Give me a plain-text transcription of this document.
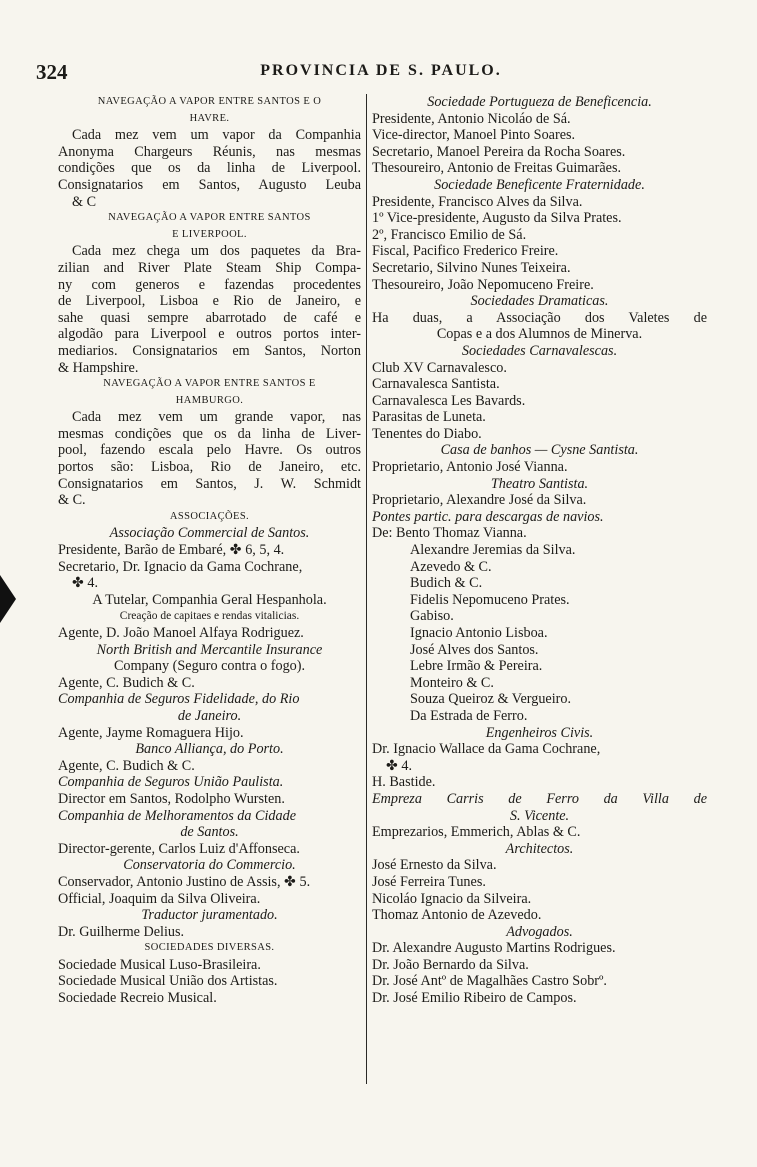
324	PROVINCIA DE S. PAULO.
NAVEGAÇÃO A VAPOR ENTRE SANTOS E O
HAVRE.
Cada mez vem um vapor da Companhia
Anonyma Chargeurs Réunis, nas mesmas
condições que os da linha de Liverpool.
Consignatarios em Santos, Augusto Leuba
& C
NAVEGAÇÃO A VAPOR ENTRE SANTOS
E LIVERPOOL.
Cada mez chega um dos paquetes da Bra-
zilian and River Plate Steam Ship Compa-
ny com generos e fazendas procedentes
de Liverpool, Lisboa e Rio de Janeiro, e
sahe quasi sempre abarrotado de café e
algodão para Liverpool e outros portos inter-
mediarios. Consignatarios em Santos, Norton
& Hampshire.
NAVEGAÇÃO A VAPOR ENTRE SANTOS E
HAMBURGO.
Cada mez vem um grande vapor, nas
mesmas condições que os da linha de Liver-
pool, fazendo escala pelo Havre. Os outros
portos são: Lisboa, Rio de Janeiro, etc.
Consignatarios em Santos, J. W. Schmidt
& C.
ASSOCIAÇÕES.
Associação Commercial de Santos.
Presidente, Barão de Embaré, ✤ 6, 5, 4.
Secretario, Dr. Ignacio da Gama Cochrane,
✤ 4.
A Tutelar, Companhia Geral Hespanhola.
Creação de capitaes e rendas vitalicias.
Agente, D. João Manoel Alfaya Rodriguez.
North British and Mercantile Insurance
Company (Seguro contra o fogo).
Agente, C. Budich & C.
Companhia de Seguros Fidelidade, do Rio
de Janeiro.
Agente, Jayme Romaguera Hijo.
Banco Alliança, do Porto.
Agente, C. Budich & C.
Companhia de Seguros União Paulista.
Director em Santos, Rodolpho Wursten.
Companhia de Melhoramentos da Cidade
de Santos.
Director-gerente, Carlos Luiz d'Affonseca.
Conservatoria do Commercio.
Conservador, Antonio Justino de Assis, ✤ 5.
Official, Joaquim da Silva Oliveira.
Traductor juramentado.
Dr. Guilherme Delius.
SOCIEDADES DIVERSAS.
Sociedade Musical Luso-Brasileira.
Sociedade Musical União dos Artistas.
Sociedade Recreio Musical.
Sociedade Portugueza de Beneficencia.
Presidente, Antonio Nicoláo de Sá.
Vice-director, Manoel Pinto Soares.
Secretario, Manoel Pereira da Rocha Soares.
Thesoureiro, Antonio de Freitas Guimarães.
Sociedade Beneficente Fraternidade.
Presidente, Francisco Alves da Silva.
1º Vice-presidente, Augusto da Silva Prates.
2º, Francisco Emilio de Sá.
Fiscal, Pacifico Frederico Freire.
Secretario, Silvino Nunes Teixeira.
Thesoureiro, João Nepomuceno Freire.
Sociedades Dramaticas.
Ha duas, a Associação dos Valetes de
Copas e a dos Alumnos de Minerva.
Sociedades Carnavalescas.
Club XV Carnavalesco.
Carnavalesca Santista.
Carnavalesca Les Bavards.
Parasitas de Luneta.
Tenentes do Diabo.
Casa de banhos — Cysne Santista.
Proprietario, Antonio José Vianna.
Theatro Santista.
Proprietario, Alexandre José da Silva.
Pontes partic. para descargas de navios.
De: Bento Thomaz Vianna.
Alexandre Jeremias da Silva.
Azevedo & C.
Budich & C.
Fidelis Nepomuceno Prates.
Gabiso.
Ignacio Antonio Lisboa.
José Alves dos Santos.
Lebre Irmão & Pereira.
Monteiro & C.
Souza Queiroz & Vergueiro.
Da Estrada de Ferro.
Engenheiros Civis.
Dr. Ignacio Wallace da Gama Cochrane,
✤ 4.
H. Bastide.
Empreza Carris de Ferro da Villa de
S. Vicente.
Emprezarios, Emmerich, Ablas & C.
Architectos.
José Ernesto da Silva.
José Ferreira Tunes.
Nicoláo Ignacio da Silveira.
Thomaz Antonio de Azevedo.
Advogados.
Dr. Alexandre Augusto Martins Rodrigues.
Dr. João Bernardo da Silva.
Dr. José Antº de Magalhães Castro Sobrº.
Dr. José Emilio Ribeiro de Campos.
